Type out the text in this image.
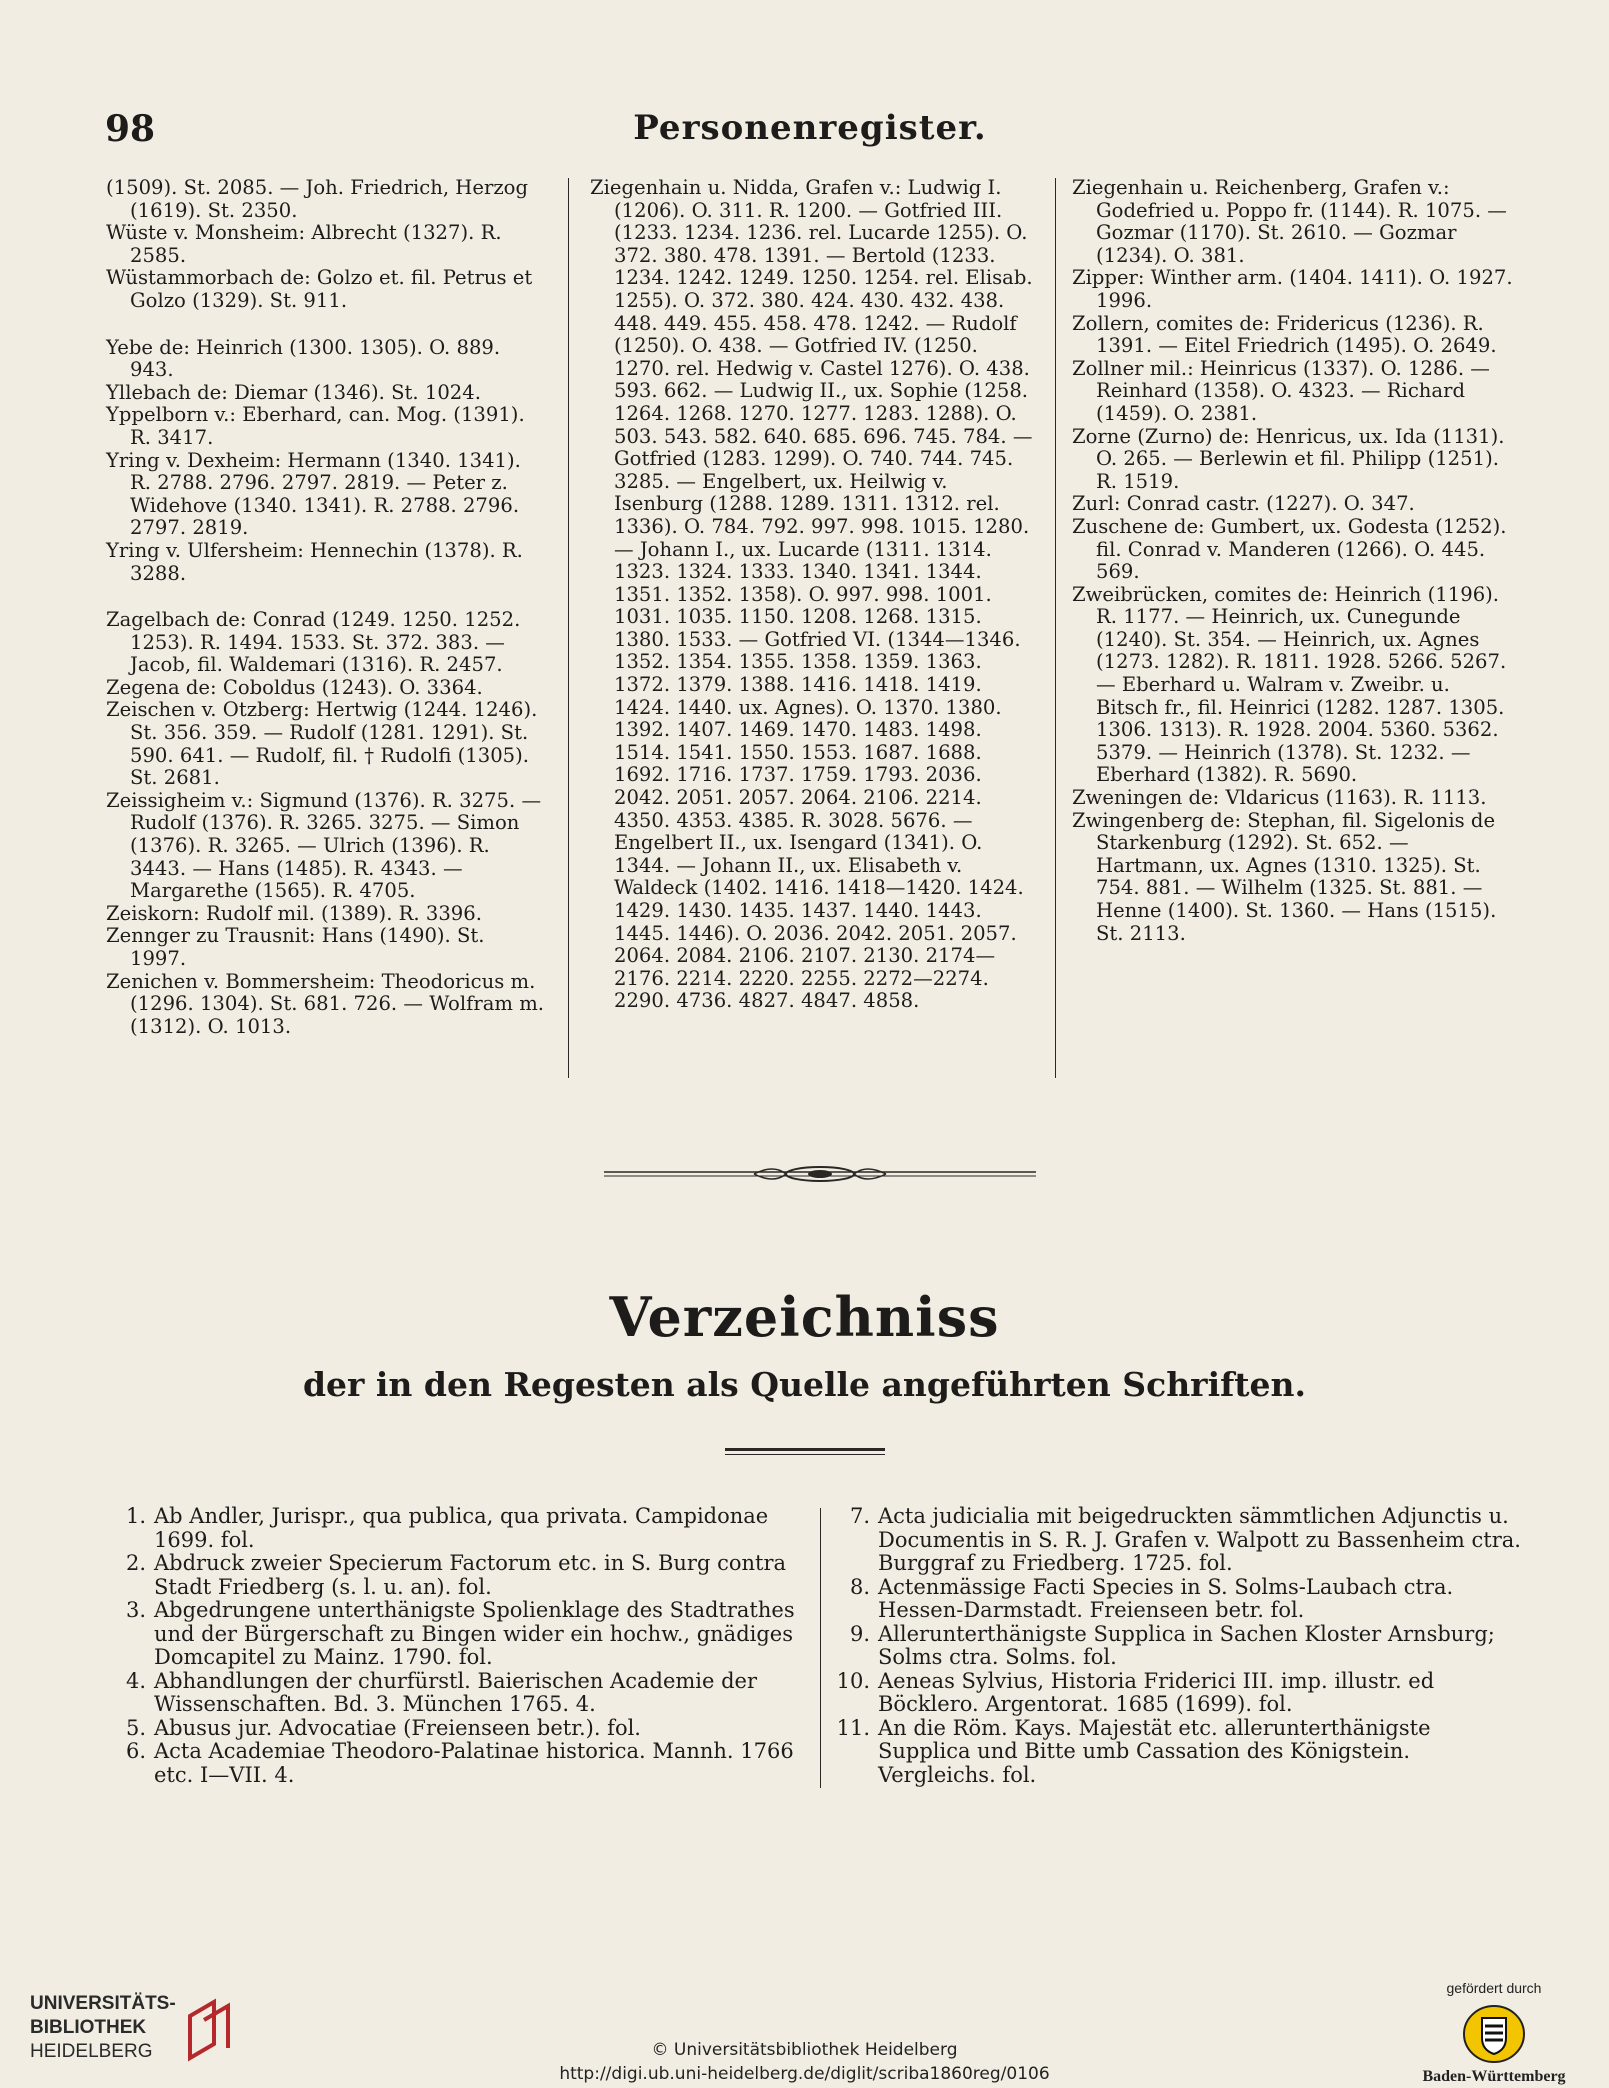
98	Personenregister.
(1509). St. 2085. — Joh. Friedrich, Herzog (1619). St. 2350.
Wüste v. Monsheim: Albrecht (1327). R. 2585.
Wüstammorbach de: Golzo et. fil. Petrus et Golzo (1329). St. 911.
Yebe de: Heinrich (1300. 1305). O. 889. 943.
Yllebach de: Diemar (1346). St. 1024.
Yppelborn v.: Eberhard, can. Mog. (1391). R. 3417.
Yring v. Dexheim: Hermann (1340. 1341). R. 2788. 2796. 2797. 2819. — Peter z. Widehove (1340. 1341). R. 2788. 2796. 2797. 2819.
Yring v. Ulfersheim: Hennechin (1378). R. 3288.
Zagelbach de: Conrad (1249. 1250. 1252. 1253). R. 1494. 1533. St. 372. 383. — Jacob, fil. Waldemari (1316). R. 2457.
Zegena de: Coboldus (1243). O. 3364.
Zeischen v. Otzberg: Hertwig (1244. 1246). St. 356. 359. — Rudolf (1281. 1291). St. 590. 641. — Rudolf, fil. † Rudolfi (1305). St. 2681.
Zeissigheim v.: Sigmund (1376). R. 3275. — Rudolf (1376). R. 3265. 3275. — Simon (1376). R. 3265. — Ulrich (1396). R. 3443. — Hans (1485). R. 4343. — Margarethe (1565). R. 4705.
Zeiskorn: Rudolf mil. (1389). R. 3396.
Zennger zu Trausnit: Hans (1490). St. 1997.
Zenichen v. Bommersheim: Theodoricus m. (1296. 1304). St. 681. 726. — Wolfram m. (1312). O. 1013.
Ziegenhain u. Nidda, Grafen v.: Ludwig I. (1206). O. 311. R. 1200. — Gotfried III. (1233. 1234. 1236. rel. Lucarde 1255). O. 372. 380. 478. 1391. — Bertold (1233. 1234. 1242. 1249. 1250. 1254. rel. Elisab. 1255). O. 372. 380. 424. 430. 432. 438. 448. 449. 455. 458. 478. 1242. — Rudolf (1250). O. 438. — Gotfried IV. (1250. 1270. rel. Hedwig v. Castel 1276). O. 438. 593. 662. — Ludwig II., ux. Sophie (1258. 1264. 1268. 1270. 1277. 1283. 1288). O. 503. 543. 582. 640. 685. 696. 745. 784. — Gotfried (1283. 1299). O. 740. 744. 745. 3285. — Engelbert, ux. Heilwig v. Isenburg (1288. 1289. 1311. 1312. rel. 1336). O. 784. 792. 997. 998. 1015. 1280. — Johann I., ux. Lucarde (1311. 1314. 1323. 1324. 1333. 1340. 1341. 1344. 1351. 1352. 1358). O. 997. 998. 1001. 1031. 1035. 1150. 1208. 1268. 1315. 1380. 1533. — Gotfried VI. (1344—1346. 1352. 1354. 1355. 1358. 1359. 1363. 1372. 1379. 1388. 1416. 1418. 1419. 1424. 1440. ux. Agnes). O. 1370. 1380. 1392. 1407. 1469. 1470. 1483. 1498. 1514. 1541. 1550. 1553. 1687. 1688. 1692. 1716. 1737. 1759. 1793. 2036. 2042. 2051. 2057. 2064. 2106. 2214. 4350. 4353. 4385. R. 3028. 5676. — Engelbert II., ux. Isengard (1341). O. 1344. — Johann II., ux. Elisabeth v. Waldeck (1402. 1416. 1418—1420. 1424. 1429. 1430. 1435. 1437. 1440. 1443. 1445. 1446). O. 2036. 2042. 2051. 2057. 2064. 2084. 2106. 2107. 2130. 2174—2176. 2214. 2220. 2255. 2272—2274. 2290. 4736. 4827. 4847. 4858.
Ziegenhain u. Reichenberg, Grafen v.: Godefried u. Poppo fr. (1144). R. 1075. — Gozmar (1170). St. 2610. — Gozmar (1234). O. 381.
Zipper: Winther arm. (1404. 1411). O. 1927. 1996.
Zollern, comites de: Fridericus (1236). R. 1391. — Eitel Friedrich (1495). O. 2649.
Zollner mil.: Heinricus (1337). O. 1286. — Reinhard (1358). O. 4323. — Richard (1459). O. 2381.
Zorne (Zurno) de: Henricus, ux. Ida (1131). O. 265. — Berlewin et fil. Philipp (1251). R. 1519.
Zurl: Conrad castr. (1227). O. 347.
Zuschene de: Gumbert, ux. Godesta (1252). fil. Conrad v. Manderen (1266). O. 445. 569.
Zweibrücken, comites de: Heinrich (1196). R. 1177. — Heinrich, ux. Cunegunde (1240). St. 354. — Heinrich, ux. Agnes (1273. 1282). R. 1811. 1928. 5266. 5267. — Eberhard u. Walram v. Zweibr. u. Bitsch fr., fil. Heinrici (1282. 1287. 1305. 1306. 1313). R. 1928. 2004. 5360. 5362. 5379. — Heinrich (1378). St. 1232. — Eberhard (1382). R. 5690.
Zweningen de: Vldaricus (1163). R. 1113.
Zwingenberg de: Stephan, fil. Sigelonis de Starkenburg (1292). St. 652. — Hartmann, ux. Agnes (1310. 1325). St. 754. 881. — Wilhelm (1325. St. 881. — Henne (1400). St. 1360. — Hans (1515). St. 2113.
Verzeichniss
der in den Regesten als Quelle angeführten Schriften.
1. Ab Andler, Jurispr., qua publica, qua privata. Campidonae 1699. fol.
2. Abdruck zweier Specierum Factorum etc. in S. Burg contra Stadt Friedberg (s. l. u. an). fol.
3. Abgedrungene unterthänigste Spolienklage des Stadtrathes und der Bürgerschaft zu Bingen wider ein hochw., gnädiges Domcapitel zu Mainz. 1790. fol.
4. Abhandlungen der churfürstl. Baierischen Academie der Wissenschaften. Bd. 3. München 1765. 4.
5. Abusus jur. Advocatiae (Freienseen betr.). fol.
6. Acta Academiae Theodoro-Palatinae historica. Mannh. 1766 etc. I—VII. 4.
7. Acta judicialia mit beigedruckten sämmtlichen Adjunctis u. Documentis in S. R. J. Grafen v. Walpott zu Bassenheim ctra. Burggraf zu Friedberg. 1725. fol.
8. Actenmässige Facti Species in S. Solms-Laubach ctra. Hessen-Darmstadt. Freienseen betr. fol.
9. Allerunterthänigste Supplica in Sachen Kloster Arnsburg; Solms ctra. Solms. fol.
10. Aeneas Sylvius, Historia Friderici III. imp. illustr. ed Böcklero. Argentorat. 1685 (1699). fol.
11. An die Röm. Kays. Majestät etc. allerunterthänigste Supplica und Bitte umb Cassation des Königstein. Vergleichs. fol.
UNIVERSITÄTS-
BIBLIOTHEK
HEIDELBERG	© Universitätsbibliothek Heidelberg
http://digi.ub.uni-heidelberg.de/diglit/scriba1860reg/0106
gefördert durch
Baden-Württemberg
